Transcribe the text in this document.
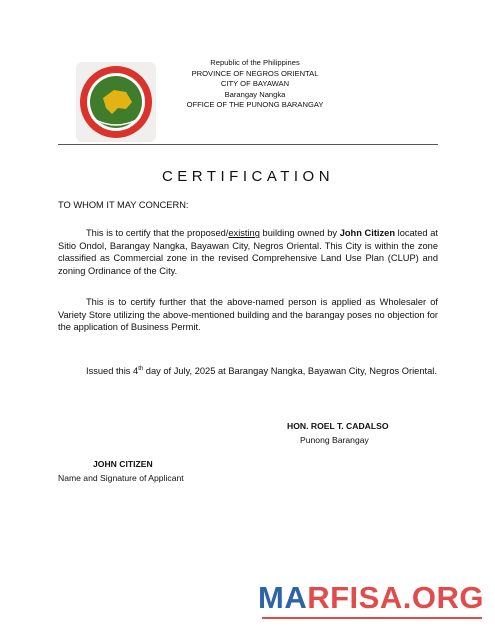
Republic of the Philippines
PROVINCE OF NEGROS ORIENTAL
CITY OF BAYAWAN
Barangay Nangka
OFFICE OF THE PUNONG BARANGAY
CERTIFICATION
TO WHOM IT MAY CONCERN:

This is to certify that the proposed/existing building owned by John Citizen located at Sitio Ondol, Barangay Nangka, Bayawan City, Negros Oriental. This City is within the zone classified as Commercial zone in the revised Comprehensive Land Use Plan (CLUP) and zoning Ordinance of the City.

This is to certify further that the above-named person is applied as Wholesaler of Variety Store utilizing the above-mentioned building and the barangay poses no objection for the application of Business Permit.

Issued this 4th day of July, 2025 at Barangay Nangka, Bayawan City, Negros Oriental.

HON. ROEL T. CADALSO
Punong Barangay
JOHN CITIZEN
Name and Signature of Applicant
MARFISA.ORG
